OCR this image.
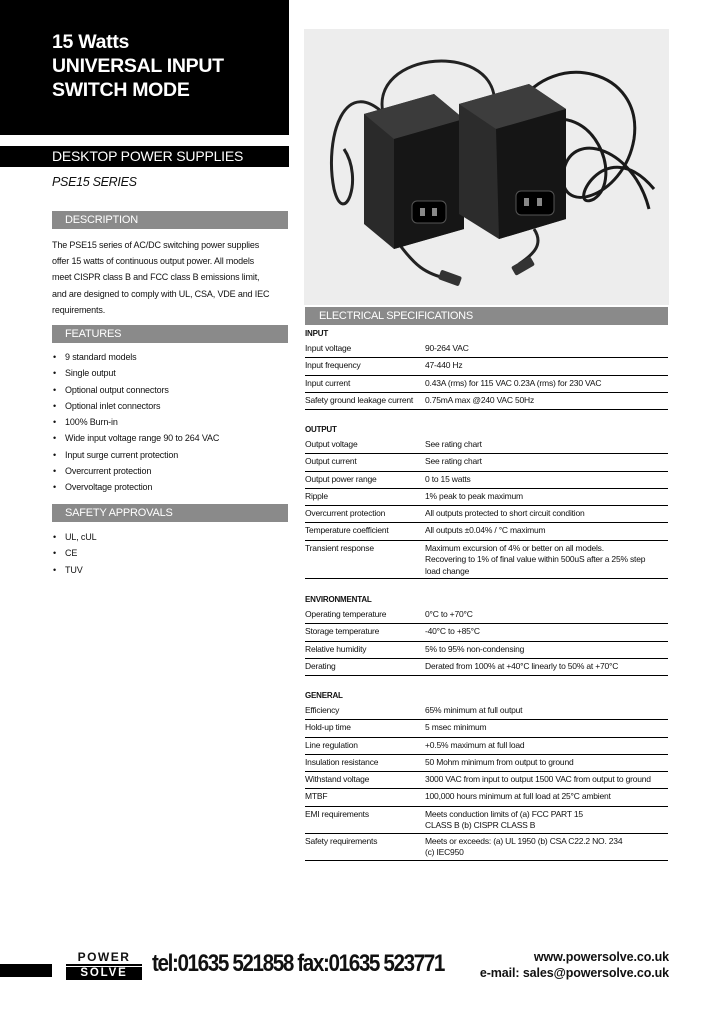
15 Watts
UNIVERSAL INPUT
SWITCH MODE
DESKTOP POWER SUPPLIES
PSE15 SERIES
DESCRIPTION
The PSE15 series of AC/DC switching power supplies
offer 15 watts of continuous output power. All models
meet CISPR class B and FCC class B emissions limit,
and are designed to comply with UL, CSA, VDE and IEC
requirements.
FEATURES
• 9 standard models
• Single output
• Optional output connectors
• Optional inlet connectors
• 100% Burn-in
• Wide input voltage range 90 to 264 VAC
• Input surge current protection
• Overcurrent protection
• Overvoltage protection
SAFETY APPROVALS
• UL, cUL
• CE
• TUV
ELECTRICAL SPECIFICATIONS
INPUT
Input voltage	90-264 VAC
Input frequency	47-440 Hz
Input current	0.43A (rms) for 115 VAC 0.23A (rms) for 230 VAC
Safety ground leakage current	0.75mA max @240 VAC 50Hz
OUTPUT
Output voltage	See rating chart
Output current	See rating chart
Output power range	0 to 15 watts
Ripple	1% peak to peak maximum
Overcurrent protection	All outputs protected to short circuit condition
Temperature coefficient	All outputs ±0.04% / °C maximum
Transient response	Maximum excursion of 4% or better on all models.
Recovering to 1% of final value within 500uS after a 25% step
load change
ENVIRONMENTAL
Operating temperature	0°C to +70°C
Storage temperature	-40°C to +85°C
Relative humidity	5% to 95% non-condensing
Derating	Derated from 100% at +40°C linearly to 50% at +70°C
GENERAL
Efficiency	65% minimum at full output
Hold-up time	5 msec minimum
Line regulation	+0.5% maximum at full load
Insulation resistance	50 Mohm minimum from output to ground
Withstand voltage	3000 VAC from input to output 1500 VAC from output to ground
MTBF	100,000 hours minimum at full load at 25°C ambient
EMI requirements	Meets conduction limits of (a) FCC PART 15
CLASS B (b) CISPR CLASS B
Safety requirements	Meets or exceeds: (a) UL 1950 (b) CSA C22.2 NO. 234
(c) IEC950
POWER
SOLVE	tel:01635 521858 fax:01635 523771	www.powersolve.co.uk
e-mail: sales@powersolve.co.uk
